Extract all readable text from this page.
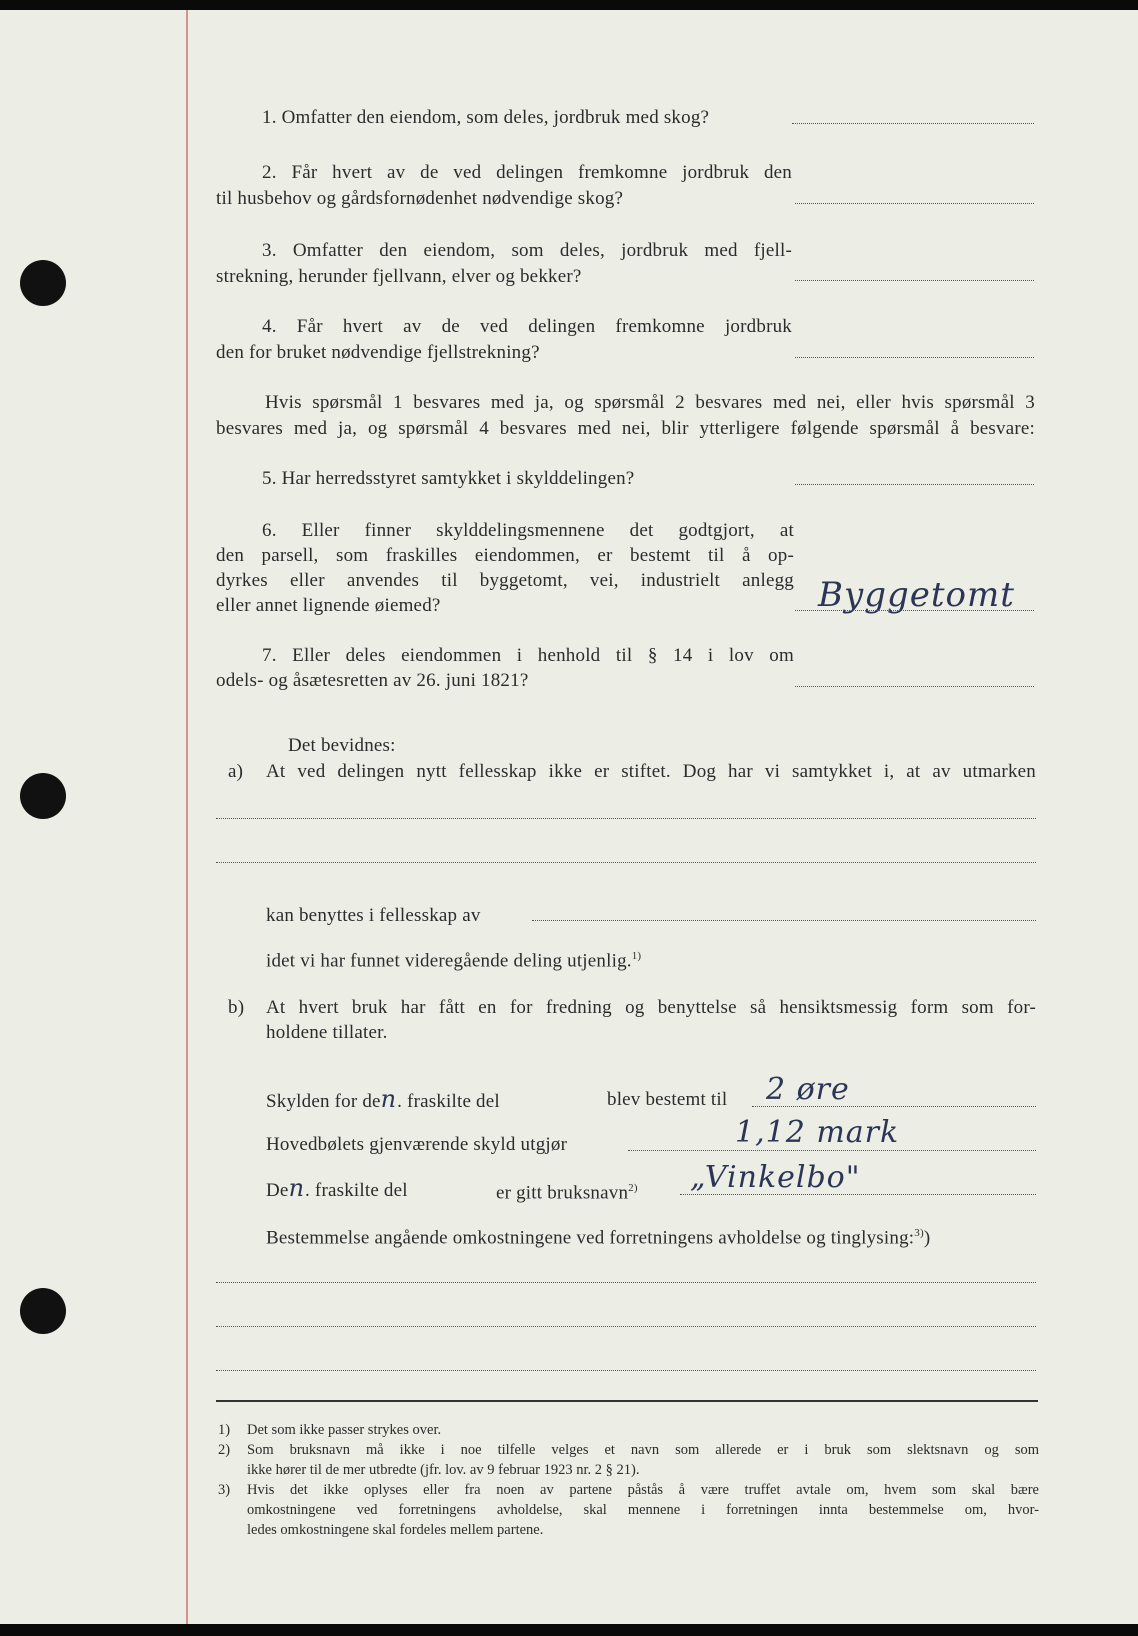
1. Omfatter den eiendom, som deles, jordbruk med skog?
2. Får hvert av de ved delingen fremkomne jordbruk den
til husbehov og gårdsfornødenhet nødvendige skog?
3. Omfatter den eiendom, som deles, jordbruk med fjell-
strekning, herunder fjellvann, elver og bekker?
4. Får hvert av de ved delingen fremkomne jordbruk
den for bruket nødvendige fjellstrekning?
Hvis spørsmål 1 besvares med ja, og spørsmål 2 besvares med nei, eller hvis spørsmål 3
besvares med ja, og spørsmål 4 besvares med nei, blir ytterligere følgende spørsmål å besvare:
5. Har herredsstyret samtykket i skylddelingen?
6. Eller finner skylddelingsmennene det godtgjort, at
den parsell, som fraskilles eiendommen, er bestemt til å op-
dyrkes eller anvendes til byggetomt, vei, industrielt anlegg
eller annet lignende øiemed?	Byggetomt
7. Eller deles eiendommen i henhold til § 14 i lov om
odels- og åsætesretten av 26. juni 1821?
Det bevidnes:
a) At ved delingen nytt fellesskap ikke er stiftet. Dog har vi samtykket i, at av utmarken
kan benyttes i fellesskap av
idet vi har funnet videregående deling utjenlig.$^{1)}$
b) At hvert bruk har fått en for fredning og benyttelse så hensiktsmessig form som for-
holdene tillater.
Skylden for den. fraskilte del	blev bestemt til 2 øre
Hovedbølets gjenværende skyld utgjør	1,12 mark
Den. fraskilte del	er gitt bruksnavn$^{2)}$ „Vinkelbo"
Bestemmelse angående omkostningene ved forretningens avholdelse og tinglysing:$^{3)}$)
1) Det som ikke passer strykes over.
2) Som bruksnavn må ikke i noe tilfelle velges et navn som allerede er i bruk som slektsnavn og som
ikke hører til de mer utbredte (jfr. lov. av 9 februar 1923 nr. 2 § 21).
3) Hvis det ikke oplyses eller fra noen av partene påstås å være truffet avtale om, hvem som skal bære
omkostningene ved forretningens avholdelse, skal mennene i forretningen innta bestemmelse om, hvor-
ledes omkostningene skal fordeles mellem partene.
